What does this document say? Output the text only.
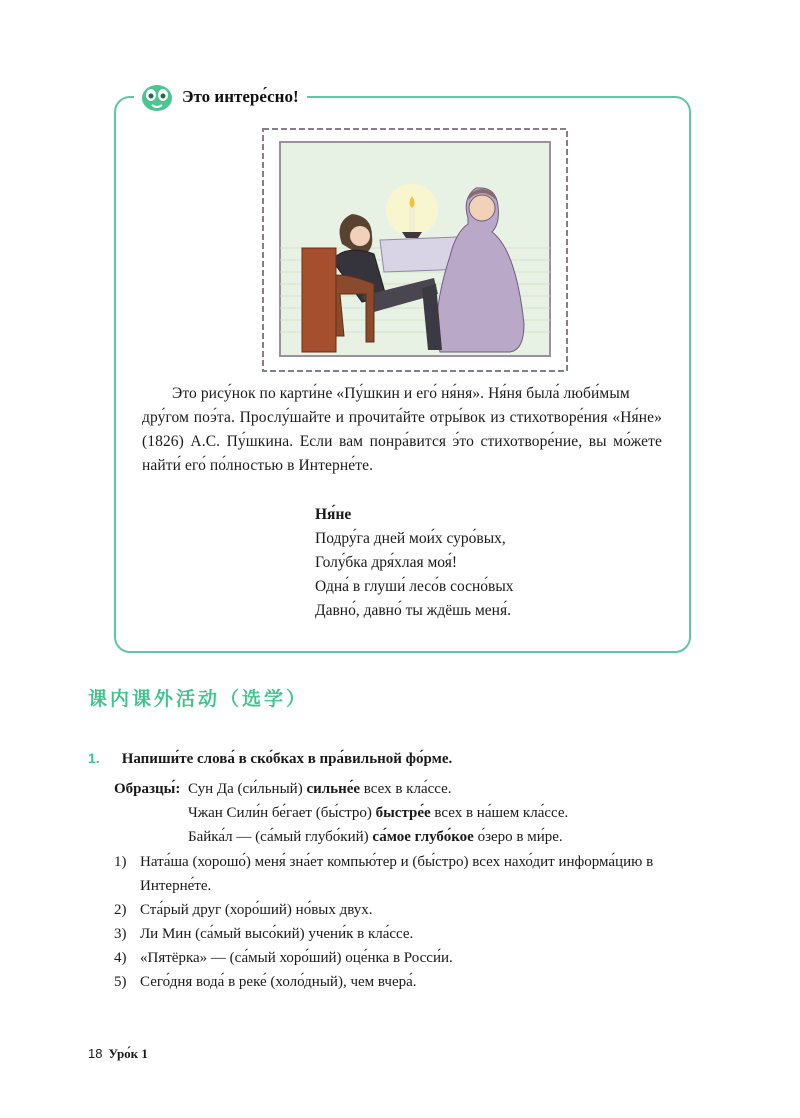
Это интере́сно!

Это рису́нок по карти́не «Пу́шкин и его́ ня́ня». Ня́ня была́ люби́мым

дру́гом поэ́та. Прослу́шайте и прочита́йте отры́вок из стихотворе́ния «Ня́не»
(1826) А.С. Пу́шкина. Если вам понра́вится э́то стихотворе́ние, вы мо́жете
найти́ его́ по́лностью в Интерне́те.
Ня́не
Подру́га дней мои́х суро́вых,
Голу́бка дря́хлая моя́!
Одна́ в глуши́ лесо́в сосно́вых
Давно́, давно́ ты ждёшь меня́.
课内课外活动（选学）
1. Напиши́те слова́ в ско́бках в пра́вильной фо́рме.
Образцы́: Сун Да (си́льный) сильне́е всех в кла́ссе.
Чжан Сили́н бе́гает (бы́стро) быстре́е всех в на́шем кла́ссе.
Байка́л — (са́мый глубо́кий) са́мое глубо́кое о́зеро в ми́ре.
1) Ната́ша (хорошо́) меня́ зна́ет компью́тер и (бы́стро) всех нахо́дит информа́цию в Интерне́те.
2) Ста́рый друг (хоро́ший) но́вых двух.
3) Ли Мин (са́мый высо́кий) учени́к в кла́ссе.
4) «Пятёрка» — (са́мый хоро́ший) оце́нка в Росси́и.
5) Сего́дня вода́ в реке́ (холо́дный), чем вчера́.
18 Уро́к 1
